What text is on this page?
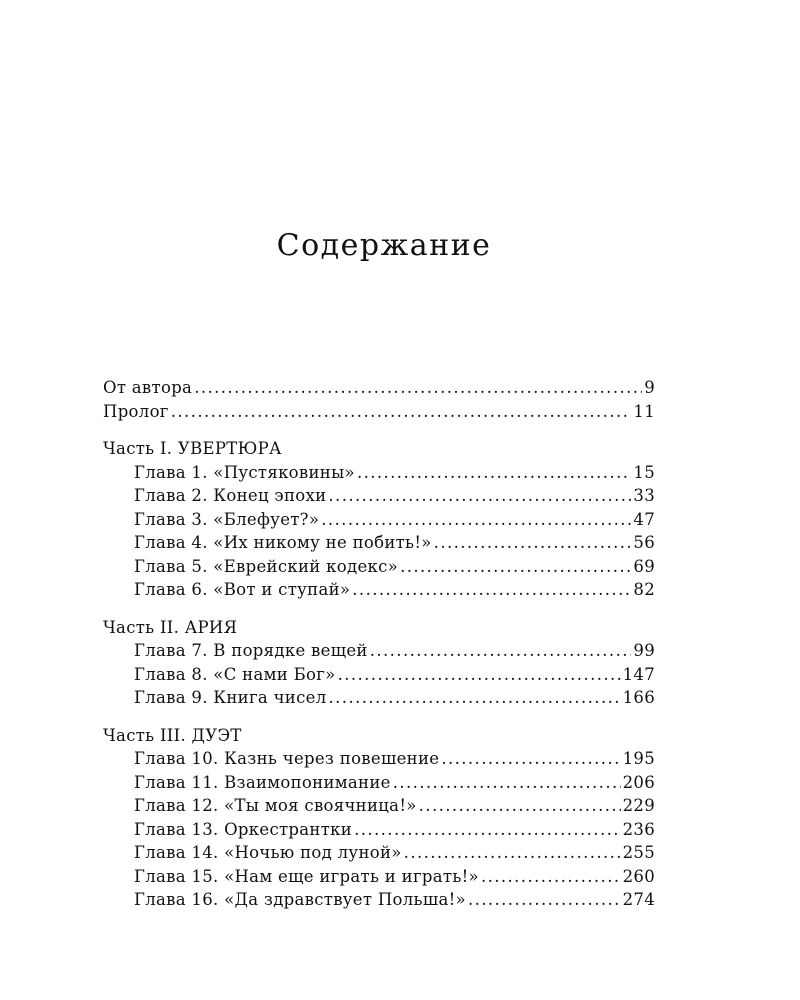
Содержание
От автора .....	9
Пролог .....	11
Часть I. УВЕРТЮРА
Глава 1. «Пустяковины» .....	15
Глава 2. Конец эпохи .....	33
Глава 3. «Блефует?» .....	47
Глава 4. «Их никому не побить!» .....	56
Глава 5. «Еврейский кодекс» .....	69
Глава 6. «Вот и ступай» .....	82
Часть II. АРИЯ
Глава 7. В порядке вещей .....	99
Глава 8. «С нами Бог» .....	147
Глава 9. Книга чисел .....	166
Часть III. ДУЭТ
Глава 10. Казнь через повешение .....	195
Глава 11. Взаимопонимание .....	206
Глава 12. «Ты моя своячница!» .....	229
Глава 13. Оркестрантки .....	236
Глава 14. «Ночью под луной» .....	255
Глава 15. «Нам еще играть и играть!» .....	260
Глава 16. «Да здравствует Польша!» .....	274
